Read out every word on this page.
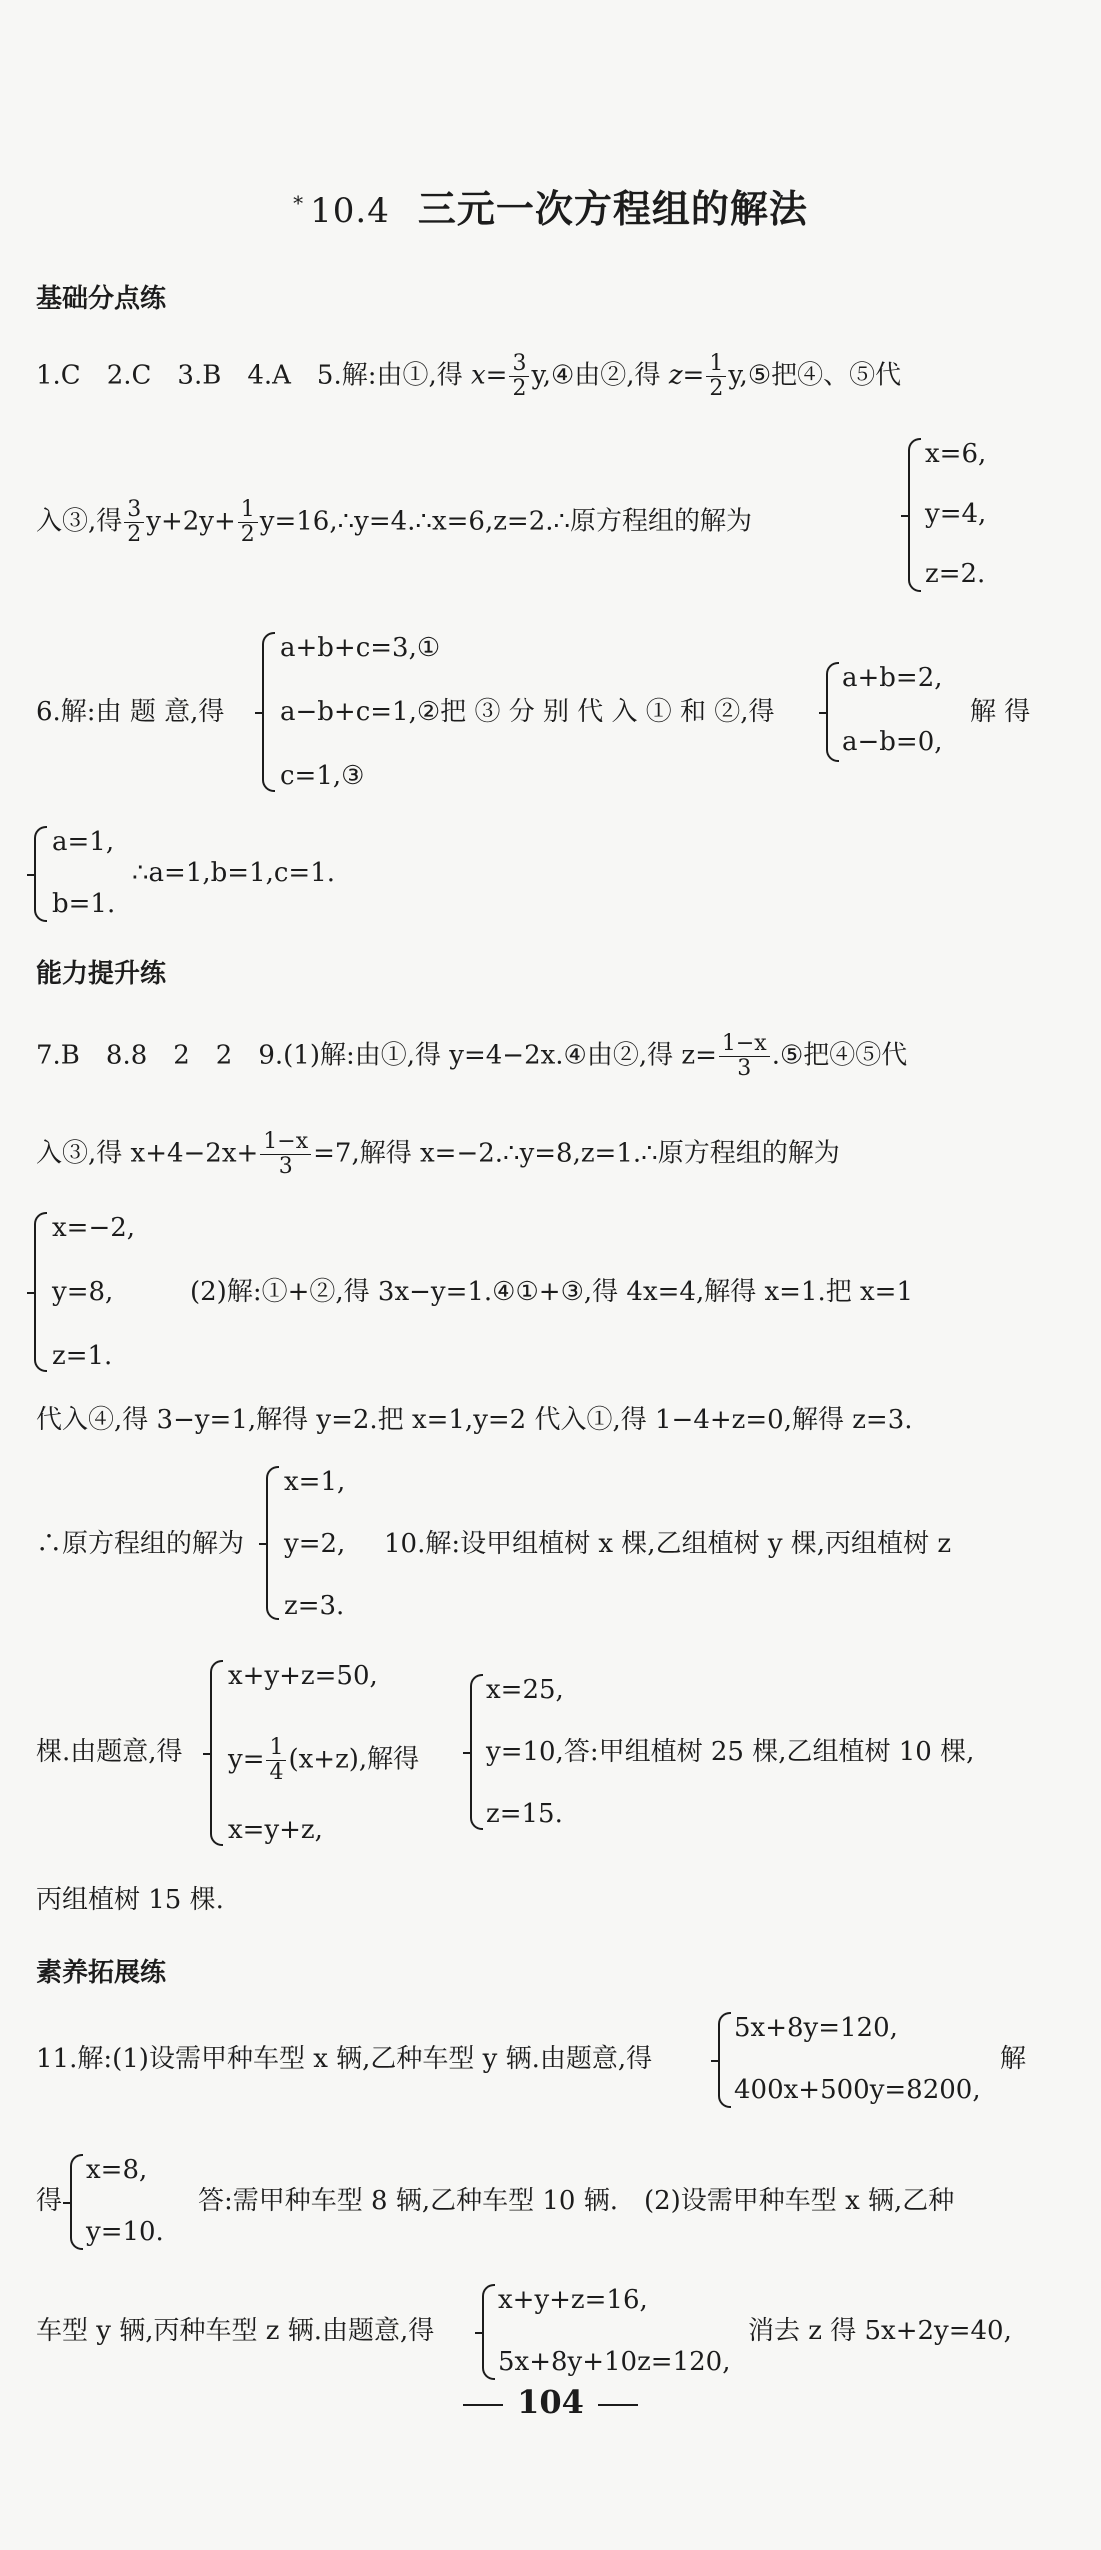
* 10.4 三元一次方程组的解法
基础分点练
1.C　2.C　3.B　4.A　5.解:由①,得 $x= \frac{3}{2}$ y,④由②,得 $z= \frac{1}{2}$ y,⑤把④、⑤代
入③,得 $\frac{3}{2} y+2y+ \frac{1}{2}$ y=16,∴y=4.∴x=6,z=2.∴原方程组的解为
x=6,
y=4,
z=2.
6.解:由 题 意,得
a+b+c=3,①
a−b+c=1,②把 ③ 分 别 代 入 ① 和 ②,得
c=1,③
a+b=2,
a−b=0,
解 得
a=1,
b=1.
∴a=1,b=1,c=1.
能力提升练
7.B　8.8　2　2　9.(1)解:由①,得 y=4−2x.④由②,得 $z= \frac{1-x}{3}$ .⑤把④⑤代
入③,得 $x+4-2x+ \frac{1-x}{3} =7$,解得 x=−2.∴y=8,z=1.∴原方程组的解为
x=−2,
y=8,
z=1.
(2)解:①+②,得 3x−y=1.④①+③,得 4x=4,解得 x=1.把 x=1
代入④,得 3−y=1,解得 y=2.把 x=1,y=2 代入①,得 1−4+z=0,解得 z=3.
∴原方程组的解为
x=1,
y=2,
z=3.
10.解:设甲组植树 x 棵,乙组植树 y 棵,丙组植树 z
棵.由题意,得
x+y+z=50,
$y= \frac{1}{4} (x+z)$,解得
x=y+z,
x=25,
y=10,答:甲组植树 25 棵,乙组植树 10 棵,
z=15.
丙组植树 15 棵.
素养拓展练
11.解:(1)设需甲种车型 x 辆,乙种车型 y 辆.由题意,得
5x+8y=120,
400x+500y=8200,
解
得
x=8,
y=10.
答:需甲种车型 8 辆,乙种车型 10 辆.　(2)设需甲种车型 x 辆,乙种
车型 y 辆,丙种车型 z 辆.由题意,得
x+y+z=16,
5x+8y+10z=120,
消去 z 得 5x+2y=40,
104
